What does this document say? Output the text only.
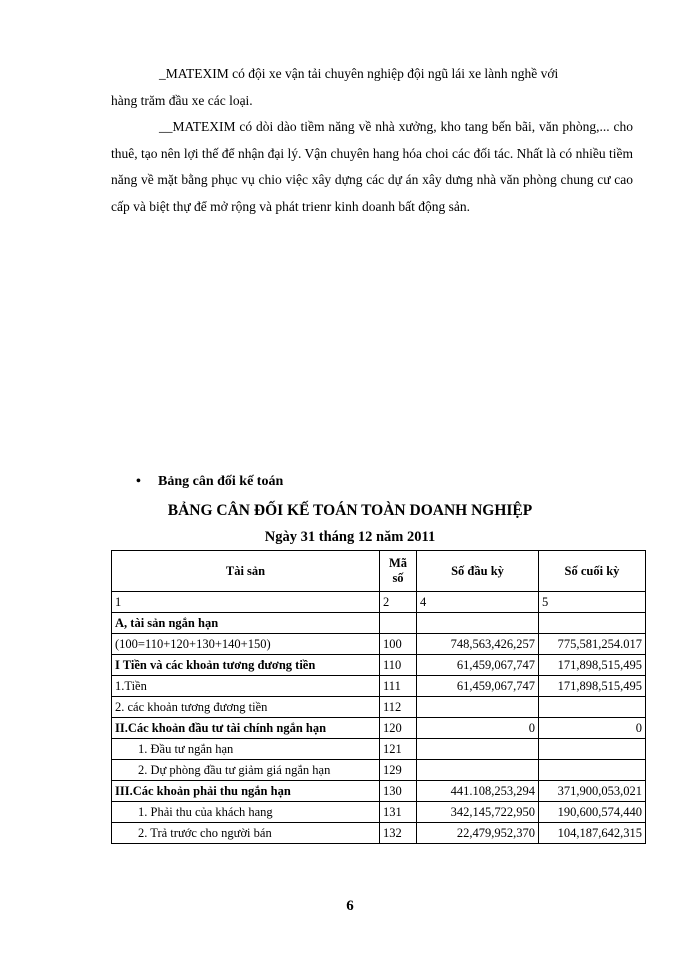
_MATEXIM có đội xe vận tải chuyên nghiệp đội ngũ lái xe lành nghề với
hàng trăm đầu xe các loại.
__MATEXIM có dòi dào tiềm năng về nhà xưởng, kho tang bến bãi, văn phòng,... cho thuê, tạo nên lợi thế để nhận đại lý. Vận chuyên hang hóa choi các đối tác. Nhất là có nhiều tiềm năng về mặt bằng phục vụ chio việc xây dựng các dự án xây dưng nhà văn phòng chung cư cao cấp và biệt thự để mở rộng và phát trienr kinh doanh bất động sản.
• Bảng cân đối kế toán
BẢNG CÂN ĐỐI KẾ TOÁN TOÀN DOANH NGHIỆP
Ngày 31 tháng 12 năm 2011
Tài sản	Mã số	Số đầu kỳ	Số cuối kỳ
1	2	4	5
A, tài sản ngắn hạn			
(100=110+120+130+140+150)	100	748,563,426,257	775,581,254.017
I Tiền và các khoản tương đương tiền	110	61,459,067,747	171,898,515,495
1.Tiền	111	61,459,067,747	171,898,515,495
2. các khoản tương đương tiền	112		
II.Các khoản đầu tư tài chính ngắn hạn	120	0	0
1. Đầu tư ngắn hạn	121		
2. Dự phòng đầu tư giảm giá ngắn hạn	129		
III.Các khoản phải thu ngắn hạn	130	441.108,253,294	371,900,053,021
1. Phải thu của khách hang	131	342,145,722,950	190,600,574,440
2. Trả trước cho người bán	132	22,479,952,370	104,187,642,315
6
